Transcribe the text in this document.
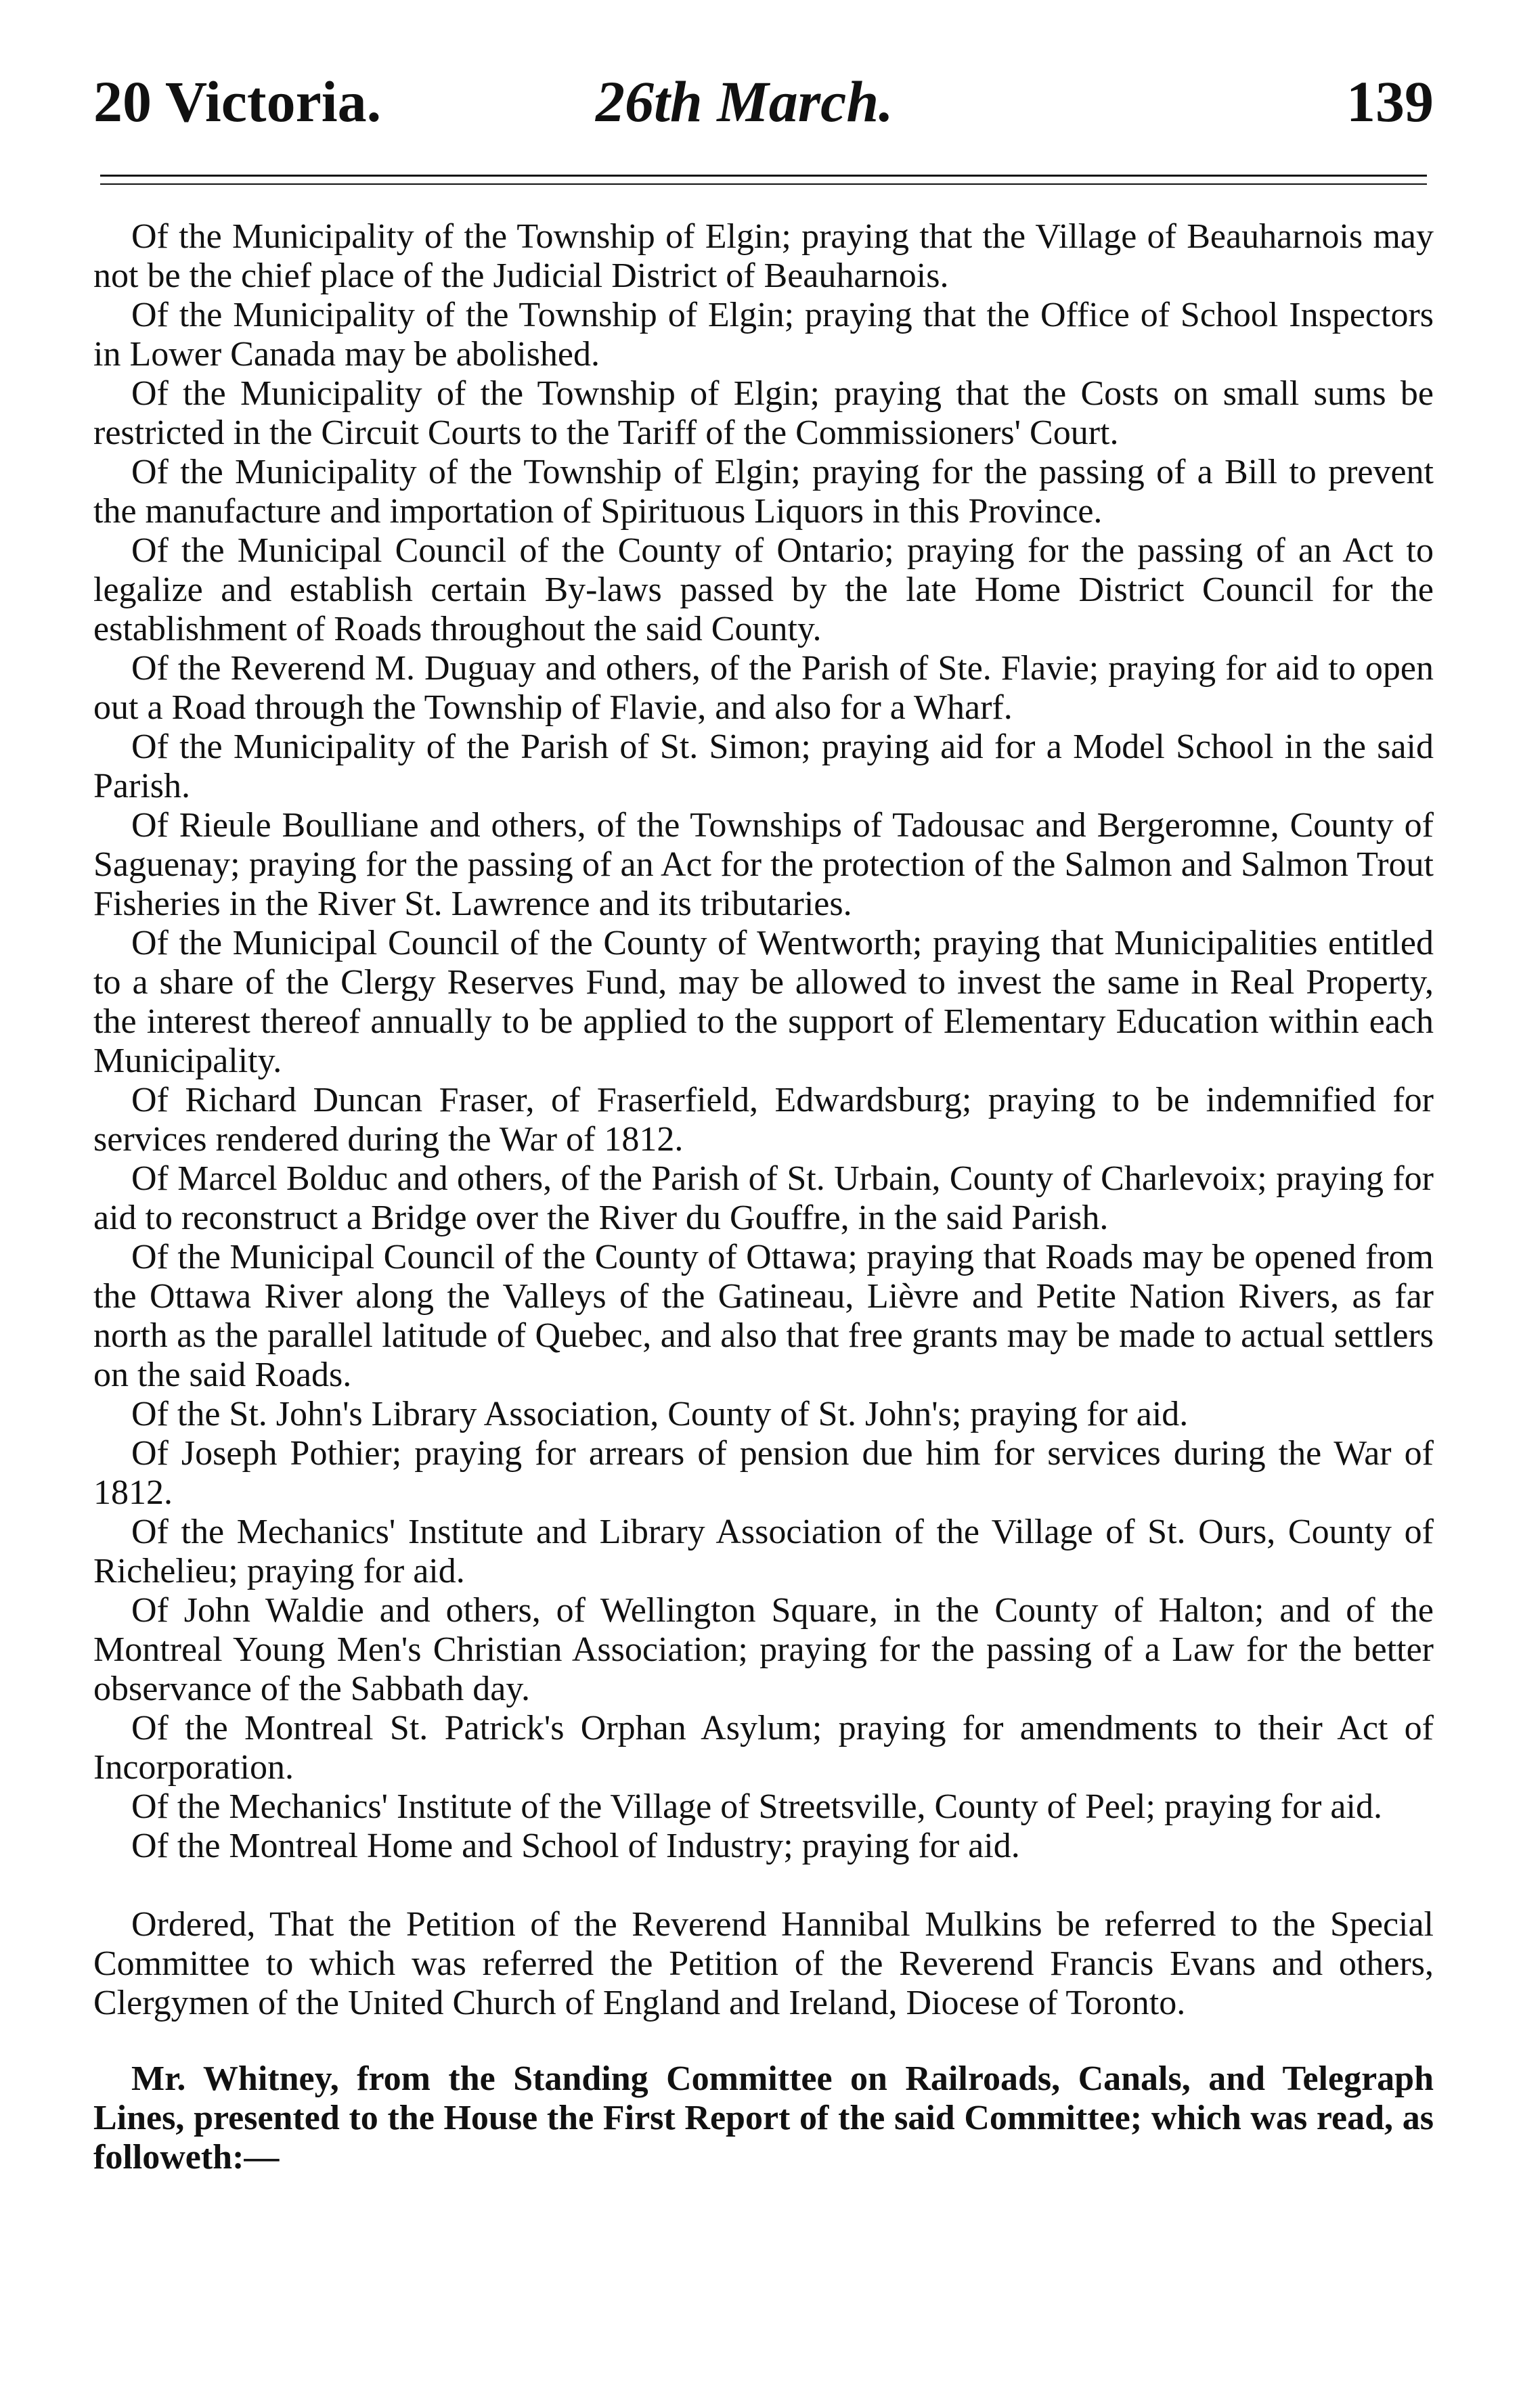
20 Victoria.	26th March.	139

Of the Municipality of the Township of Elgin; praying that the Village of Beauharnois may not be the chief place of the Judicial District of Beauharnois.

Of the Municipality of the Township of Elgin; praying that the Office of School Inspectors in Lower Canada may be abolished.

Of the Municipality of the Township of Elgin; praying that the Costs on small sums be restricted in the Circuit Courts to the Tariff of the Commissioners' Court.

Of the Municipality of the Township of Elgin; praying for the passing of a Bill to prevent the manufacture and importation of Spirituous Liquors in this Province.

Of the Municipal Council of the County of Ontario; praying for the passing of an Act to legalize and establish certain By-laws passed by the late Home District Council for the establishment of Roads throughout the said County.

Of the Reverend M. Duguay and others, of the Parish of Ste. Flavie; praying for aid to open out a Road through the Township of Flavie, and also for a Wharf.

Of the Municipality of the Parish of St. Simon; praying aid for a Model School in the said Parish.

Of Rieule Boulliane and others, of the Townships of Tadousac and Bergeromne, County of Saguenay; praying for the passing of an Act for the protection of the Salmon and Salmon Trout Fisheries in the River St. Lawrence and its tributaries.

Of the Municipal Council of the County of Wentworth; praying that Municipalities entitled to a share of the Clergy Reserves Fund, may be allowed to invest the same in Real Property, the interest thereof annually to be applied to the support of Elementary Education within each Municipality.

Of Richard Duncan Fraser, of Fraserfield, Edwardsburg; praying to be indemnified for services rendered during the War of 1812.

Of Marcel Bolduc and others, of the Parish of St. Urbain, County of Charlevoix; praying for aid to reconstruct a Bridge over the River du Gouffre, in the said Parish.

Of the Municipal Council of the County of Ottawa; praying that Roads may be opened from the Ottawa River along the Valleys of the Gatineau, Lièvre and Petite Nation Rivers, as far north as the parallel latitude of Quebec, and also that free grants may be made to actual settlers on the said Roads.

Of the St. John's Library Association, County of St. John's; praying for aid.

Of Joseph Pothier; praying for arrears of pension due him for services during the War of 1812.

Of the Mechanics' Institute and Library Association of the Village of St. Ours, County of Richelieu; praying for aid.

Of John Waldie and others, of Wellington Square, in the County of Halton; and of the Montreal Young Men's Christian Association; praying for the passing of a Law for the better observance of the Sabbath day.

Of the Montreal St. Patrick's Orphan Asylum; praying for amendments to their Act of Incorporation.

Of the Mechanics' Institute of the Village of Streetsville, County of Peel; praying for aid.

Of the Montreal Home and School of Industry; praying for aid.

Ordered, That the Petition of the Reverend Hannibal Mulkins be referred to the Special Committee to which was referred the Petition of the Reverend Francis Evans and others, Clergymen of the United Church of England and Ireland, Diocese of Toronto.

Mr. Whitney, from the Standing Committee on Railroads, Canals, and Telegraph Lines, presented to the House the First Report of the said Committee; which was read, as followeth:—
